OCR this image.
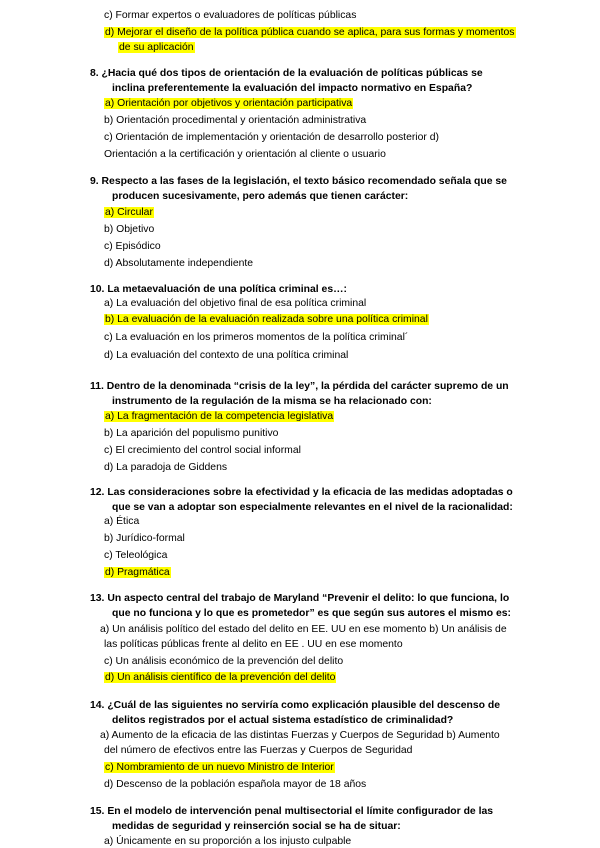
c) Formar expertos o evaluadores de políticas públicas
d) Mejorar el diseño de la política pública cuando se aplica, para sus formas y momentos
de su aplicación
8. ¿Hacia qué dos tipos de orientación de la evaluación de políticas públicas se
inclina preferentemente la evaluación del impacto normativo en España?
a) Orientación por objetivos y orientación participativa
b) Orientación procedimental y orientación administrativa
c) Orientación de implementación y orientación de desarrollo posterior d)
Orientación a la certificación y orientación al cliente o usuario
9. Respecto a las fases de la legislación, el texto básico recomendado señala que se
producen sucesivamente, pero además que tienen carácter:
a) Circular
b) Objetivo
c) Episódico
d) Absolutamente independiente
10. La metaevaluación de una política criminal es…:
a) La evaluación del objetivo final de esa política criminal
b) La evaluación de la evaluación realizada sobre una política criminal
c) La evaluación en los primeros momentos de la política criminal´
d) La evaluación del contexto de una política criminal
11. Dentro de la denominada “crisis de la ley”, la pérdida del carácter supremo de un
instrumento de la regulación de la misma se ha relacionado con:
a) La fragmentación de la competencia legislativa
b) La aparición del populismo punitivo
c) El crecimiento del control social informal
d) La paradoja de Giddens
12. Las consideraciones sobre la efectividad y la eficacia de las medidas adoptadas o
que se van a adoptar son especialmente relevantes en el nivel de la racionalidad:
a) Ética
b) Jurídico-formal
c) Teleológica
d) Pragmática
13. Un aspecto central del trabajo de Maryland “Prevenir el delito: lo que funciona, lo
que no funciona y lo que es prometedor” es que según sus autores el mismo es:
a) Un análisis político del estado del delito en EE. UU en ese momento b) Un análisis de
las políticas públicas frente al delito en EE . UU en ese momento
c) Un análisis económico de la prevención del delito
d) Un análisis científico de la prevención del delito
14. ¿Cuál de las siguientes no serviría como explicación plausible del descenso de
delitos registrados por el actual sistema estadístico de criminalidad?
a) Aumento de la eficacia de las distintas Fuerzas y Cuerpos de Seguridad b) Aumento
del número de efectivos entre las Fuerzas y Cuerpos de Seguridad
c) Nombramiento de un nuevo Ministro de Interior
d) Descenso de la población española mayor de 18 años
15. En el modelo de intervención penal multisectorial el límite configurador de las
medidas de seguridad y reinserción social se ha de situar:
a) Únicamente en su proporción a los injusto culpable
